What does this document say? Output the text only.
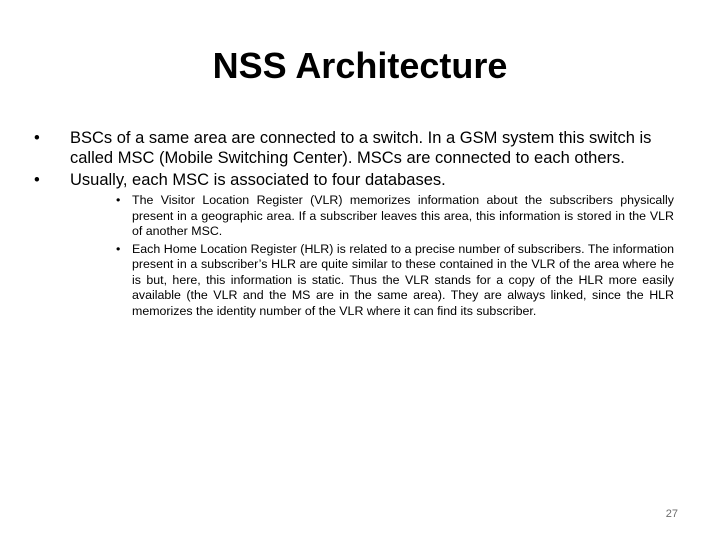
NSS Architecture
• BSCs of a same area are connected to a switch. In a GSM system this switch is called MSC (Mobile Switching Center). MSCs are connected to each others.
• Usually, each MSC is associated to four databases.
• The Visitor Location Register (VLR) memorizes information about the subscribers physically present in a geographic area. If a subscriber leaves this area, this information is stored in the VLR of another MSC.
• Each Home Location Register (HLR) is related to a precise number of subscribers. The information present in a subscriber’s HLR are quite similar to these contained in the VLR of the area where he is but, here, this information is static. Thus the VLR stands for a copy of the HLR more easily available (the VLR and the MS are in the same area). They are always linked, since the HLR memorizes the identity number of the VLR where it can find its subscriber.
27
